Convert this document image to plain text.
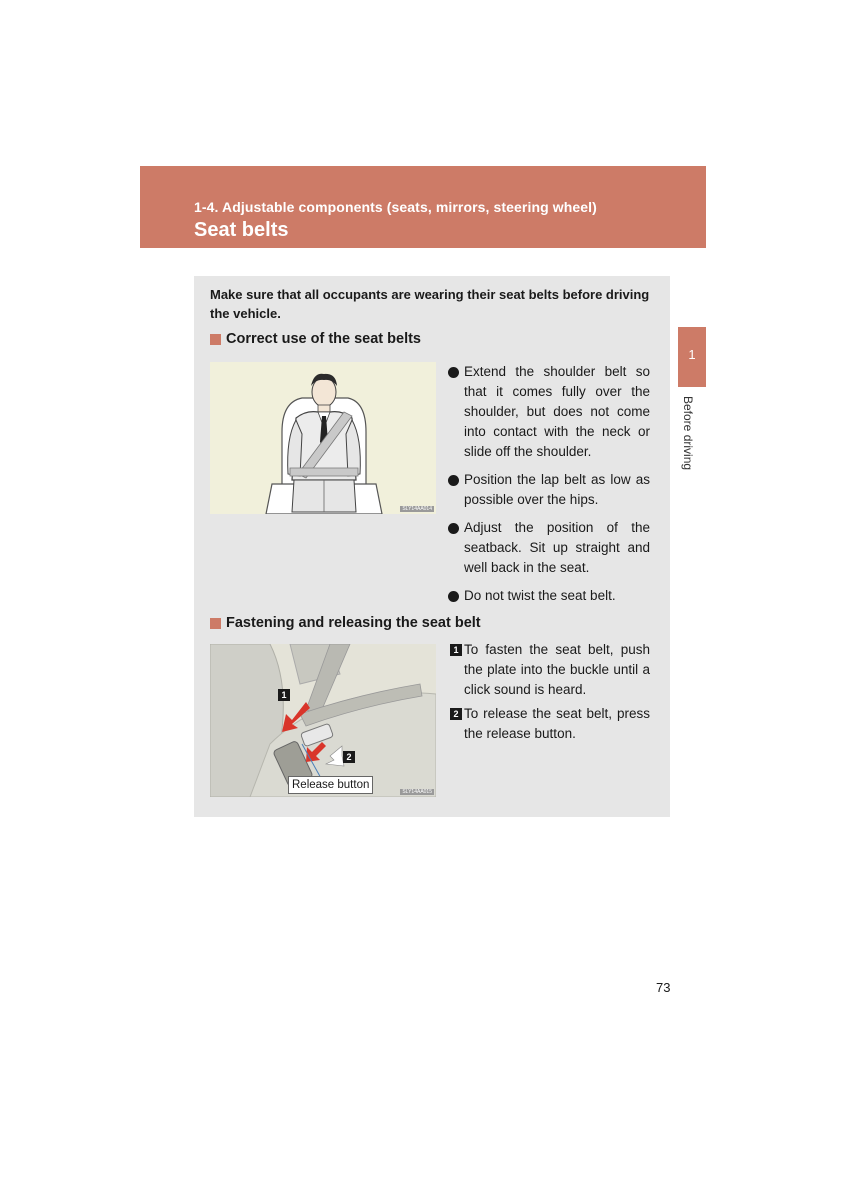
1-4. Adjustable components (seats, mirrors, steering wheel)
Seat belts
1
Before driving
Make sure that all occupants are wearing their seat belts before driving the vehicle.
Correct use of the seat belts
SLY14AA014
Extend the shoulder belt so that it comes fully over the shoulder, but does not come into contact with the neck or slide off the shoulder.
Position the lap belt as low as possible over the hips.
Adjust the position of the seatback. Sit up straight and well back in the seat.
Do not twist the seat belt.
Fastening and releasing the seat belt
1
2
Release button
SLY14AA015
1 To fasten the seat belt, push the plate into the buckle until a click sound is heard.
2 To release the seat belt, press the release button.
73
